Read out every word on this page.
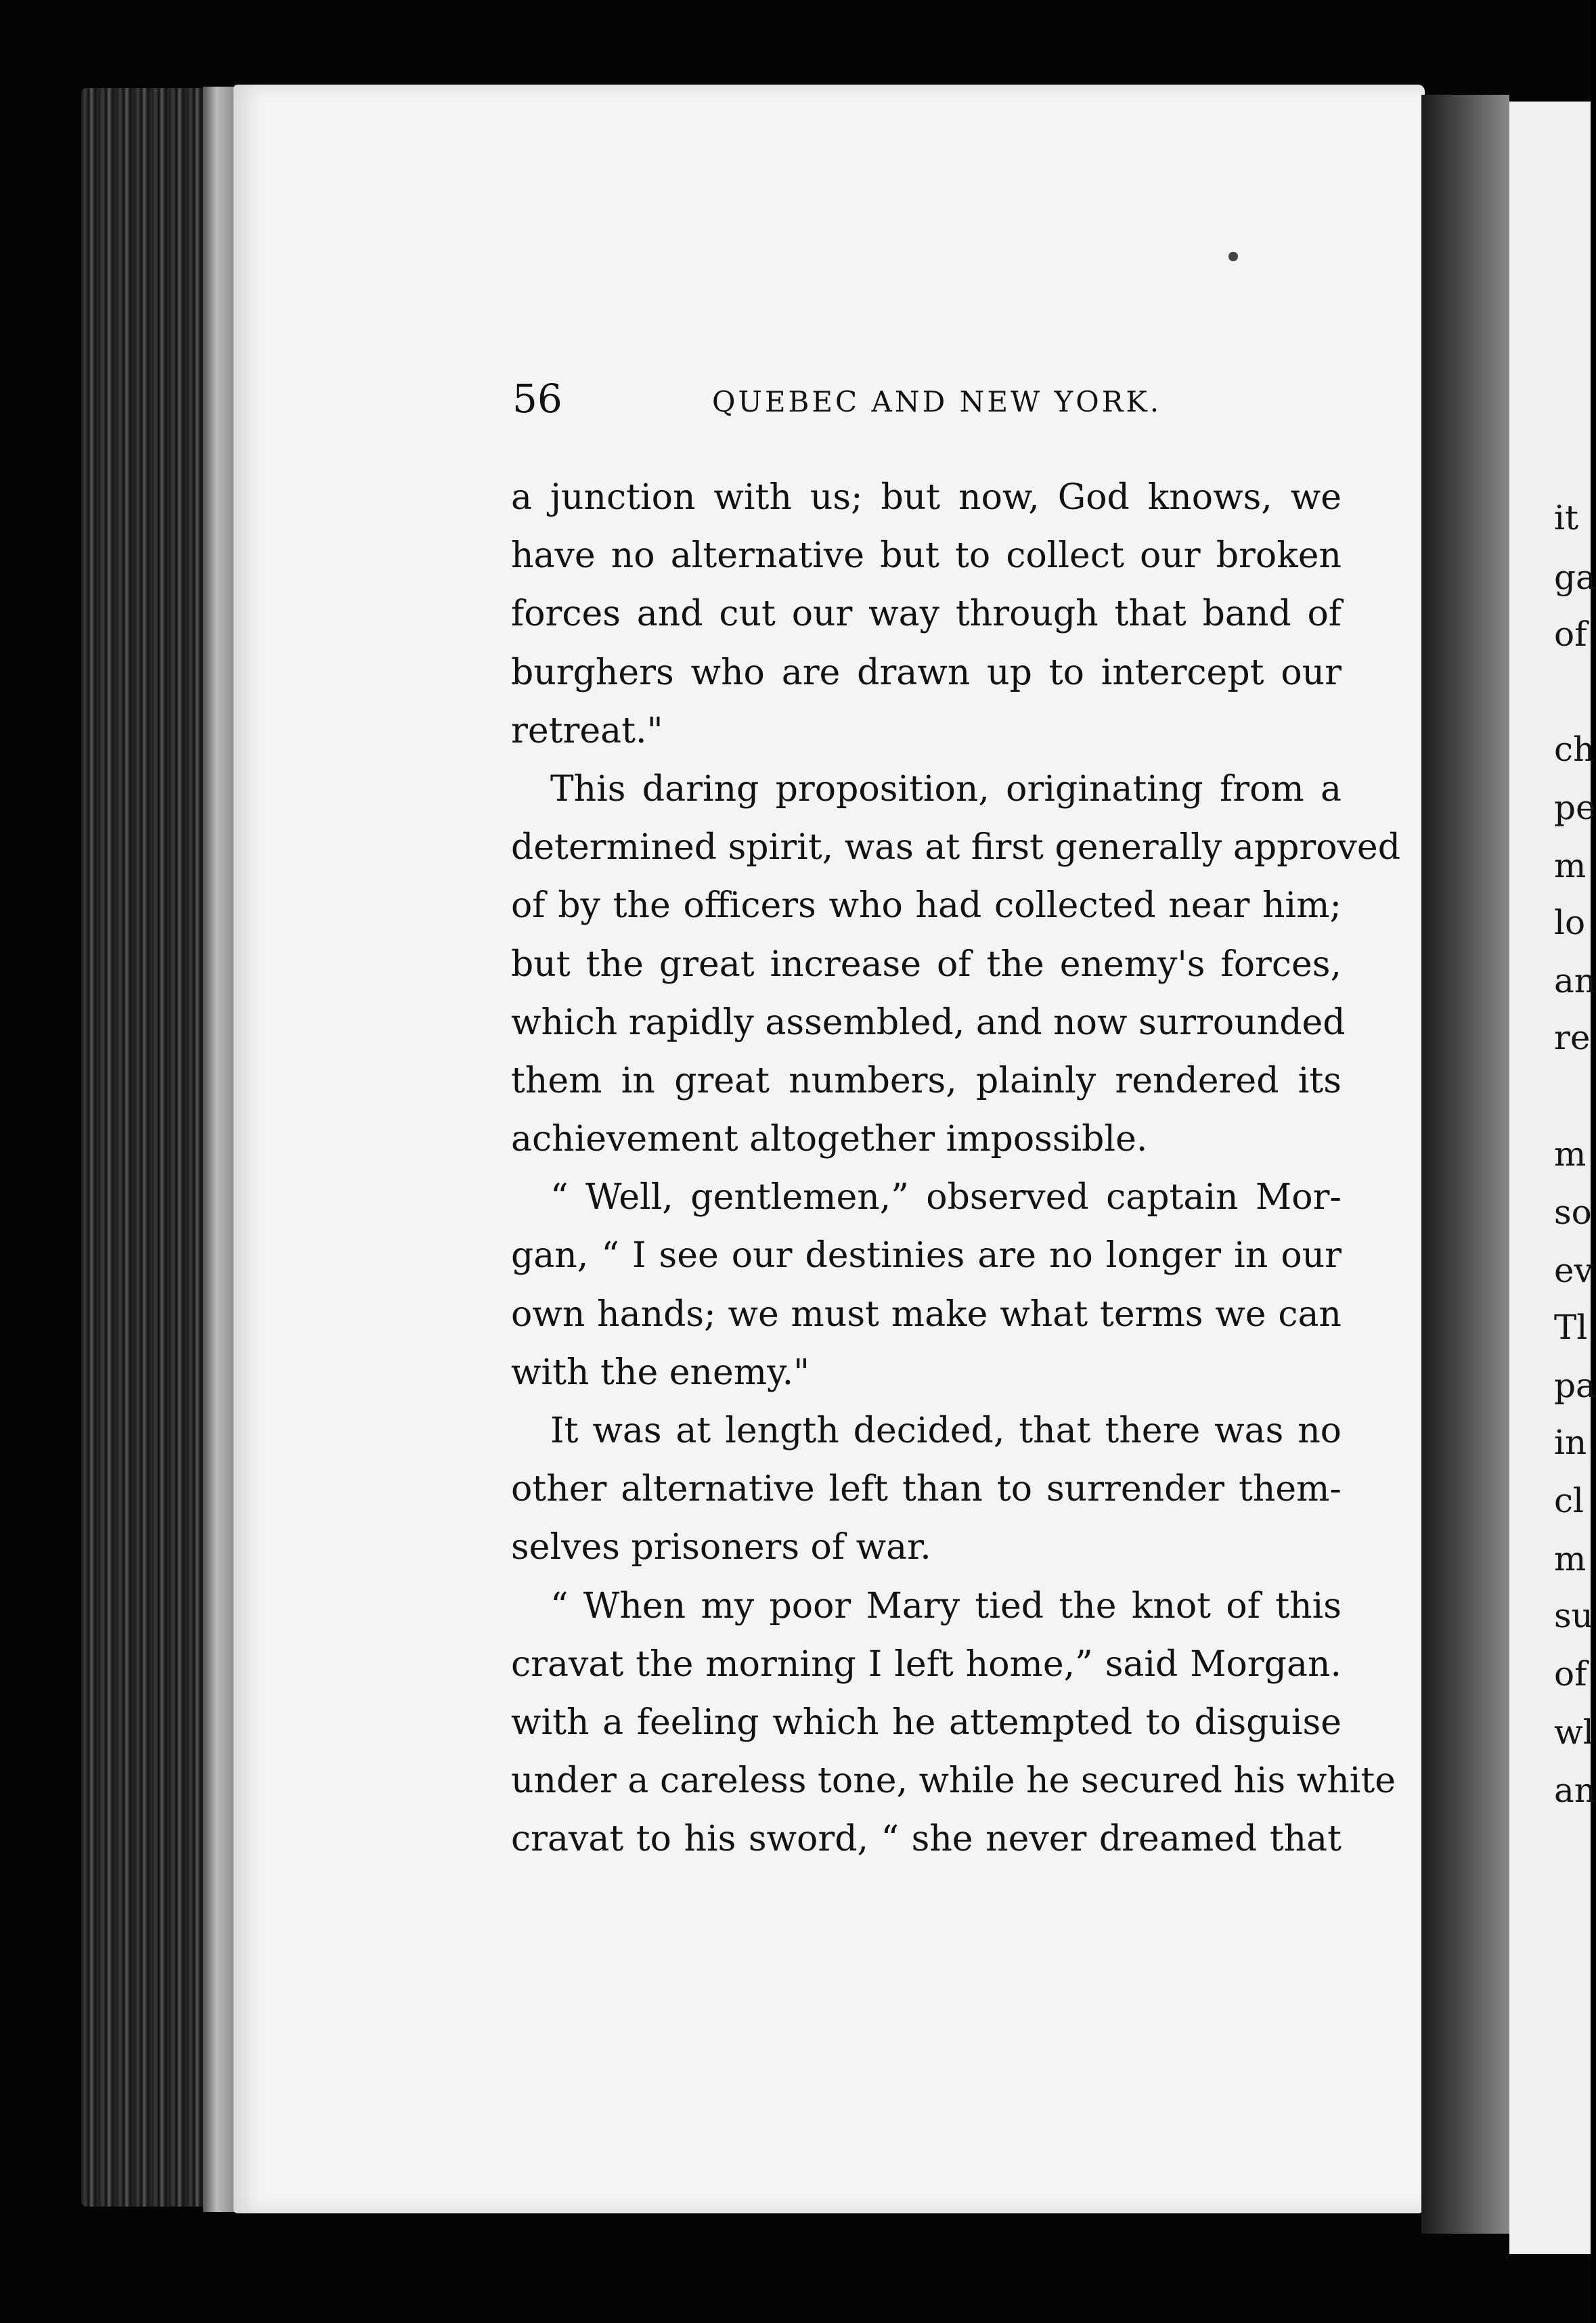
56	QUEBEC AND NEW YORK.

a junction with us; but now, God knows, we
have no alternative but to collect our broken
forces and cut our way through that band of
burghers who are drawn up to intercept our
retreat."
This daring proposition, originating from a
determined spirit, was at first generally approved
of by the officers who had collected near him;
but the great increase of the enemy's forces,
which rapidly assembled, and now surrounded
them in great numbers, plainly rendered its
achievement altogether impossible.
“ Well, gentlemen,” observed captain Mor-
gan, “ I see our destinies are no longer in our
own hands; we must make what terms we can
with the enemy."
It was at length decided, that there was no
other alternative left than to surrender them-
selves prisoners of war.
“ When my poor Mary tied the knot of this
cravat the morning I left home,” said Morgan.
with a feeling which he attempted to disguise
under a careless tone, while he secured his white
cravat to his sword, “ she never dreamed that

it

ga

of

ch

pe

m

lo

an

re

m

so

ev

Tl

pa

in

cl

m

su

of

wl

an
